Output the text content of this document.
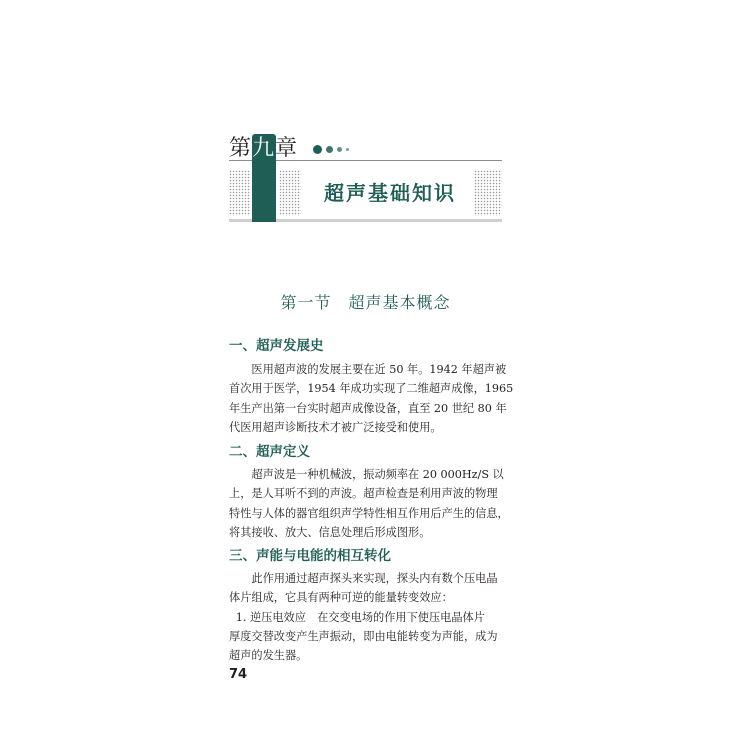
第九章
超声基础知识
第一节　超声基本概念
一、超声发展史
医用超声波的发展主要在近 50 年。1942 年超声被
首次用于医学，1954 年成功实现了二维超声成像，1965
年生产出第一台实时超声成像设备，直至 20 世纪 80 年
代医用超声诊断技术才被广泛接受和使用。
二、超声定义
超声波是一种机械波，振动频率在 20 000Hz/S 以
上，是人耳听不到的声波。超声检查是利用声波的物理
特性与人体的器官组织声学特性相互作用后产生的信息，
将其接收、放大、信息处理后形成图形。
三、声能与电能的相互转化
此作用通过超声探头来实现，探头内有数个压电晶
体片组成，它具有两种可逆的能量转变效应：
1. 逆压电效应　在交变电场的作用下使压电晶体片
厚度交替改变产生声振动，即由电能转变为声能，成为
超声的发生器。
74
